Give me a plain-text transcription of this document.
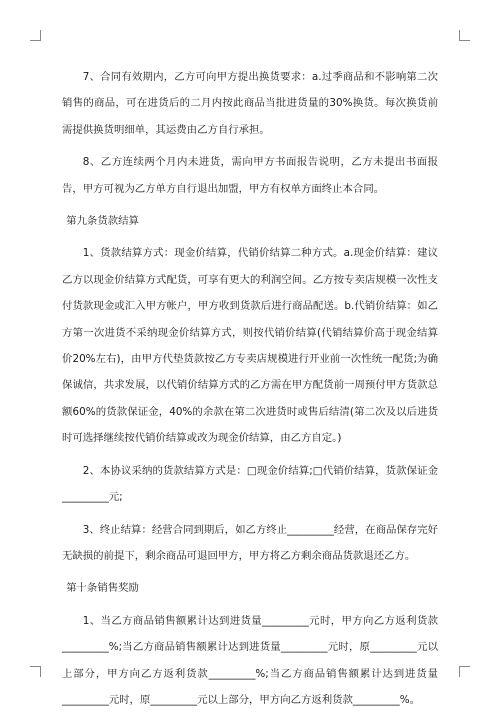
7、合同有效期内，乙方可向甲方提出换货要求：a.过季商品和不影响第二次销售的商品，可在进货后的二月内按此商品当批进货量的30%换货。每次换货前需提供换货明细单，其运费由乙方自行承担。

8、乙方连续两个月内未进货，需向甲方书面报告说明，乙方未提出书面报告，甲方可视为乙方单方自行退出加盟，甲方有权单方面终止本合同。

第九条货款结算

1、货款结算方式：现金价结算，代销价结算二种方式。a.现金价结算：建议乙方以现金价结算方式配货，可享有更大的利润空间。乙方按专卖店规模一次性支付货款现金或汇入甲方帐户，甲方收到货款后进行商品配送。b.代销价结算：如乙方第一次进货不采纳现金价结算方式，则按代销价结算(代销结算价高于现金结算价20%左右)，由甲方代垫货款按乙方专卖店规模进行开业前一次性统一配货;为确保诚信，共求发展，以代销价结算方式的乙方需在甲方配货前一周预付甲方货款总额60%的货款保证金，40%的余款在第二次进货时或售后结清(第二次及以后进货时可选择继续按代销价结算或改为现金价结算，由乙方自定。)

2、本协议采纳的货款结算方式是：□现金价结算;□代销价结算，货款保证金_________元;

3、终止结算：经营合同到期后，如乙方终止_________经营，在商品保存完好无缺损的前提下，剩余商品可退回甲方，甲方将乙方剩余商品货款退还乙方。

第十条销售奖励

1、当乙方商品销售额累计达到进货量_________元时，甲方向乙方返利货款_________%;当乙方商品销售额累计达到进货量_________元时，原_________元以上部分，甲方向乙方返利货款_________%;当乙方商品销售额累计达到进货量_________元时，原_________元以上部分，甲方向乙方返利货款_________%。
